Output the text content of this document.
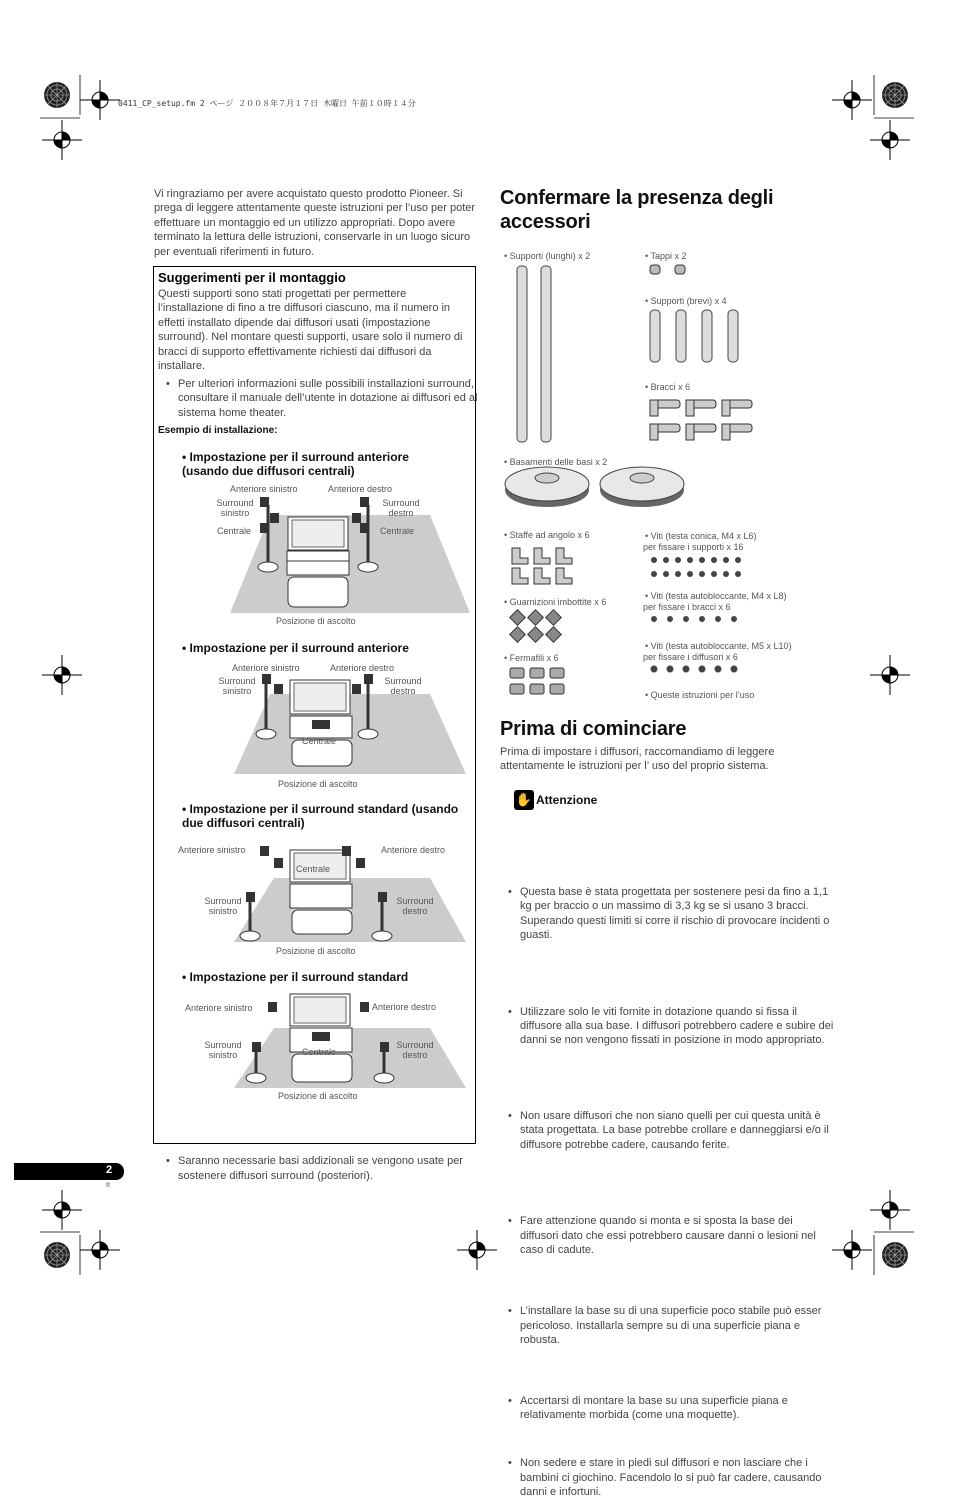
0411_CP_setup.fm 2 ページ ２００８年７月１７日 木曜日 午前１０時１４分

Vi ringraziamo per avere acquistato questo prodotto Pioneer. Si prega di leggere attentamente queste istruzioni per l’uso per poter effettuare un montaggio ed un utilizzo appropriati. Dopo avere terminato la lettura delle istruzioni, conservarle in un luogo sicuro per eventuali riferimenti in futuro.

Suggerimenti per il montaggio

Questi supporti sono stati progettati per permettere l’installazione di fino a tre diffusori ciascuno, ma il numero in effetti installato dipende dai diffusori usati (impostazione surround). Nel montare questi supporti, usare solo il numero di bracci di supporto effettivamente richiesti dai diffusori da installare.

• Per ulteriori informazioni sulle possibili installazioni surround, consultare il manuale dell’utente in dotazione ai diffusori ed al sistema home theater.

Esempio di installazione:
• Impostazione per il surround anteriore (usando due diffusori centrali)
Anteriore sinistro	Anteriore destro
Surround sinistro
Surround destro
Centrale	Centrale
Posizione di ascolto
• Impostazione per il surround anteriore
Anteriore sinistro	Anteriore destro
Surround sinistro
Surround destro
Centrale
Posizione di ascolto
• Impostazione per il surround standard (usando due diffusori centrali)
Anteriore sinistro	Anteriore destro
Centrale
Surround sinistro
Surround destro
Posizione di ascolto
• Impostazione per il surround standard
Anteriore sinistro	Anteriore destro
Surround sinistro
Surround destro
Centrale
Posizione di ascolto

• Saranno necessarie basi addizionali se vengono usate per sostenere diffusori surround (posteriori).

2
It
Confermare la presenza degli accessori
• Supporti (lunghi) x 2	• Tappi x 2
• Supporti (brevi) x 4
• Bracci x 6
• Basamenti delle basi x 2
• Staffe ad angolo x 6	• Viti (testa conica, M4 x L6)
per fissare i supporti x 16
• Guarnizioni imbottite x 6
• Viti (testa autobloccante, M4 x L8)
per fissare i bracci x 6
• Fermafili x 6
• Viti (testa autobloccante, M5 x L10)
per fissare i diffusori x 6
• Queste istruzioni per l’uso
Prima di cominciare

Prima di impostare i diffusori, raccomandiamo di leggere attentamente le istruzioni per l’ uso del proprio sistema.

✋ Attenzione

• Questa base è stata progettata per sostenere pesi da fino a 1,1 kg per braccio o un massimo di 3,3 kg se si usano 3 bracci. Superando questi limiti si corre il rischio di provocare incidenti o guasti.

• Utilizzare solo le viti fornite in dotazione quando si fissa il diffusore alla sua base. I diffusori potrebbero cadere e subire dei danni se non vengono fissati in posizione in modo appropriato.

• Non usare diffusori che non siano quelli per cui questa unità è stata progettata. La base potrebbe crollare e danneggiarsi e/o il diffusore potrebbe cadere, causando ferite.

• Fare attenzione quando si monta e si sposta la base dei diffusori dato che essi potrebbero causare danni o lesioni nel caso di cadute.

• L’installare la base su di una superficie poco stabile può esser pericoloso. Installarla sempre su di una superficie piana e robusta.

• Accertarsi di montare la base su una superficie piana e relativamente morbida (come una moquette).

• Non sedere e stare in piedi sul diffusori e non lasciare che i bambini ci giochino. Facendolo lo si può far cadere, causando danni e infortuni.
